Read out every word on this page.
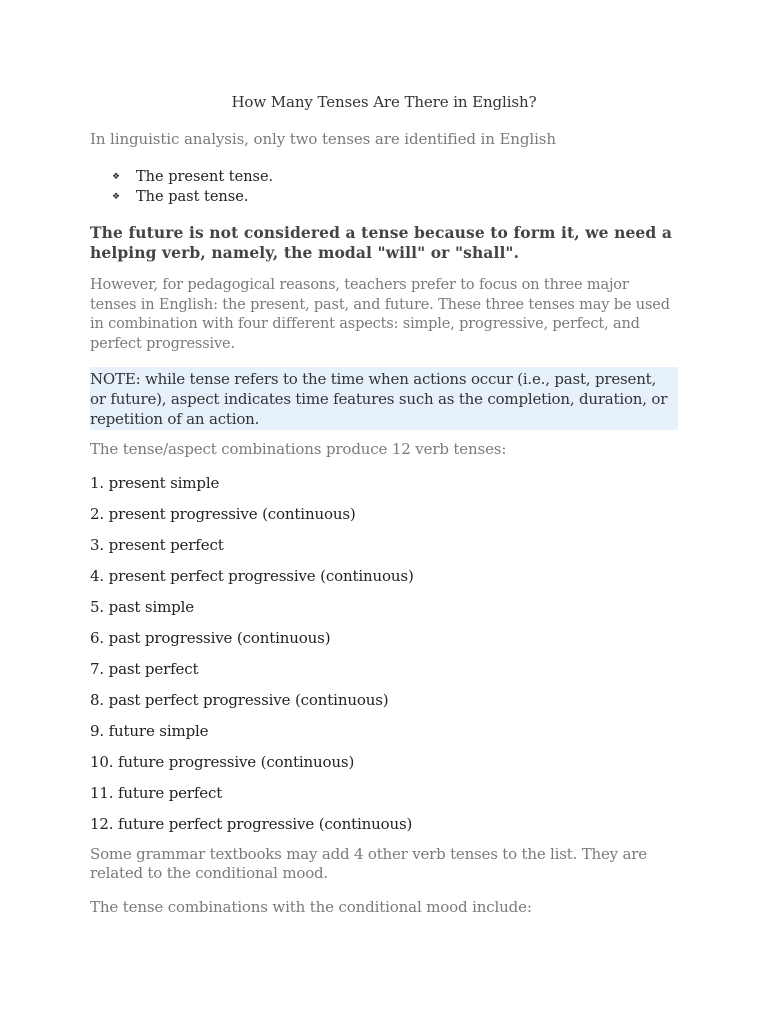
How Many Tenses Are There in English?
In linguistic analysis, only two tenses are identified in English
❖ The present tense.
❖ The past tense.
The future is not considered a tense because to form it, we need a helping verb, namely, the modal "will" or "shall".
However, for pedagogical reasons, teachers prefer to focus on three major tenses in English: the present, past, and future. These three tenses may be used in combination with four different aspects: simple, progressive, perfect, and perfect progressive.
NOTE: while tense refers to the time when actions occur (i.e., past, present, or future), aspect indicates time features such as the completion, duration, or repetition of an action.
The tense/aspect combinations produce 12 verb tenses:
1. present simple
2. present progressive (continuous)
3. present perfect
4. present perfect progressive (continuous)
5. past simple
6. past progressive (continuous)
7. past perfect
8. past perfect progressive (continuous)
9. future simple
10. future progressive (continuous)
11. future perfect
12. future perfect progressive (continuous)
Some grammar textbooks may add 4 other verb tenses to the list. They are related to the conditional mood.
The tense combinations with the conditional mood include:
